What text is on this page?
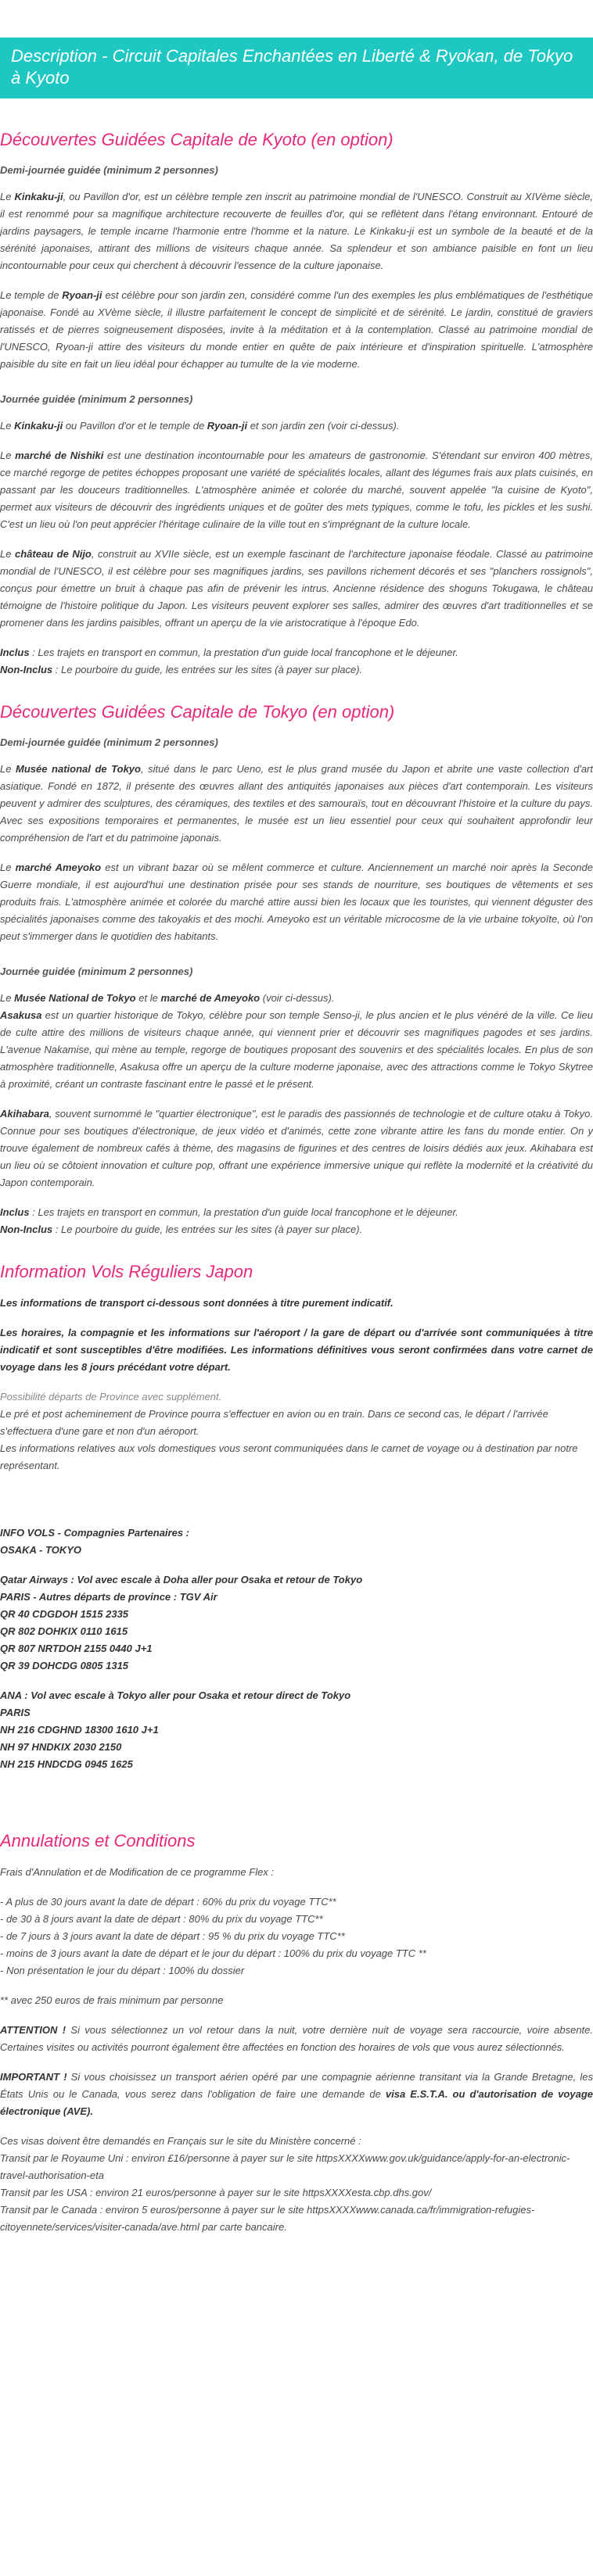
Description - Circuit Capitales Enchantées en Liberté & Ryokan, de Tokyo à Kyoto
Découvertes Guidées Capitale de Kyoto (en option)
Demi-journée guidée (minimum 2 personnes)

Le Kinkaku-ji, ou Pavillon d'or, est un célèbre temple zen inscrit au patrimoine mondial de l'UNESCO. Construit au XIVème siècle, il est renommé pour sa magnifique architecture recouverte de feuilles d'or, qui se reflètent dans l'étang environnant. Entouré de jardins paysagers, le temple incarne l'harmonie entre l'homme et la nature. Le Kinkaku-ji est un symbole de la beauté et de la sérénité japonaises, attirant des millions de visiteurs chaque année. Sa splendeur et son ambiance paisible en font un lieu incontournable pour ceux qui cherchent à découvrir l'essence de la culture japonaise.

Le temple de Ryoan-ji est célèbre pour son jardin zen, considéré comme l'un des exemples les plus emblématiques de l'esthétique japonaise. Fondé au XVème siècle, il illustre parfaitement le concept de simplicité et de sérénité. Le jardin, constitué de graviers ratissés et de pierres soigneusement disposées, invite à la méditation et à la contemplation. Classé au patrimoine mondial de l'UNESCO, Ryoan-ji attire des visiteurs du monde entier en quête de paix intérieure et d'inspiration spirituelle. L'atmosphère paisible du site en fait un lieu idéal pour échapper au tumulte de la vie moderne.

Journée guidée (minimum 2 personnes)

Le Kinkaku-ji ou Pavillon d'or et le temple de Ryoan-ji et son jardin zen (voir ci-dessus).

Le marché de Nishiki est une destination incontournable pour les amateurs de gastronomie. S'étendant sur environ 400 mètres, ce marché regorge de petites échoppes proposant une variété de spécialités locales, allant des légumes frais aux plats cuisinés, en passant par les douceurs traditionnelles. L'atmosphère animée et colorée du marché, souvent appelée "la cuisine de Kyoto", permet aux visiteurs de découvrir des ingrédients uniques et de goûter des mets typiques, comme le tofu, les pickles et les sushi. C'est un lieu où l'on peut apprécier l'héritage culinaire de la ville tout en s'imprégnant de la culture locale.

Le château de Nijo, construit au XVIIe siècle, est un exemple fascinant de l'architecture japonaise féodale. Classé au patrimoine mondial de l'UNESCO, il est célèbre pour ses magnifiques jardins, ses pavillons richement décorés et ses "planchers rossignols", conçus pour émettre un bruit à chaque pas afin de prévenir les intrus. Ancienne résidence des shoguns Tokugawa, le château témoigne de l'histoire politique du Japon. Les visiteurs peuvent explorer ses salles, admirer des œuvres d'art traditionnelles et se promener dans les jardins paisibles, offrant un aperçu de la vie aristocratique à l'époque Edo.

Inclus : Les trajets en transport en commun, la prestation d'un guide local francophone et le déjeuner.
Non-Inclus : Le pourboire du guide, les entrées sur les sites (à payer sur place).

Découvertes Guidées Capitale de Tokyo (en option)
Demi-journée guidée (minimum 2 personnes)

Le Musée national de Tokyo, situé dans le parc Ueno, est le plus grand musée du Japon et abrite une vaste collection d'art asiatique. Fondé en 1872, il présente des œuvres allant des antiquités japonaises aux pièces d'art contemporain. Les visiteurs peuvent y admirer des sculptures, des céramiques, des textiles et des samouraïs, tout en découvrant l'histoire et la culture du pays. Avec ses expositions temporaires et permanentes, le musée est un lieu essentiel pour ceux qui souhaitent approfondir leur compréhension de l'art et du patrimoine japonais.

Le marché Ameyoko est un vibrant bazar où se mêlent commerce et culture. Anciennement un marché noir après la Seconde Guerre mondiale, il est aujourd'hui une destination prisée pour ses stands de nourriture, ses boutiques de vêtements et ses produits frais. L'atmosphère animée et colorée du marché attire aussi bien les locaux que les touristes, qui viennent déguster des spécialités japonaises comme des takoyakis et des mochi. Ameyoko est un véritable microcosme de la vie urbaine tokyoïte, où l'on peut s'immerger dans le quotidien des habitants.

Journée guidée (minimum 2 personnes)

Le Musée National de Tokyo et le marché de Ameyoko (voir ci-dessus).
Asakusa est un quartier historique de Tokyo, célèbre pour son temple Senso-ji, le plus ancien et le plus vénéré de la ville. Ce lieu de culte attire des millions de visiteurs chaque année, qui viennent prier et découvrir ses magnifiques pagodes et ses jardins. L'avenue Nakamise, qui mène au temple, regorge de boutiques proposant des souvenirs et des spécialités locales. En plus de son atmosphère traditionnelle, Asakusa offre un aperçu de la culture moderne japonaise, avec des attractions comme le Tokyo Skytree à proximité, créant un contraste fascinant entre le passé et le présent.

Akihabara, souvent surnommé le "quartier électronique", est le paradis des passionnés de technologie et de culture otaku à Tokyo. Connue pour ses boutiques d'électronique, de jeux vidéo et d'animés, cette zone vibrante attire les fans du monde entier. On y trouve également de nombreux cafés à thème, des magasins de figurines et des centres de loisirs dédiés aux jeux. Akihabara est un lieu où se côtoient innovation et culture pop, offrant une expérience immersive unique qui reflète la modernité et la créativité du Japon contemporain.

Inclus : Les trajets en transport en commun, la prestation d'un guide local francophone et le déjeuner.
Non-Inclus : Le pourboire du guide, les entrées sur les sites (à payer sur place).

Information Vols Réguliers Japon

Les informations de transport ci-dessous sont données à titre purement indicatif.

Les horaires, la compagnie et les informations sur l'aéroport / la gare de départ ou d'arrivée sont communiquées à titre indicatif et sont susceptibles d'être modifiées. Les informations définitives vous seront confirmées dans votre carnet de voyage dans les 8 jours précédant votre départ.

Possibilité départs de Province avec supplément.
Le pré et post acheminement de Province pourra s'effectuer en avion ou en train. Dans ce second cas, le départ / l'arrivée s'effectuera d'une gare et non d'un aéroport.
Les informations relatives aux vols domestiques vous seront communiquées dans le carnet de voyage ou à destination par notre représentant.
INFO VOLS - Compagnies Partenaires :
OSAKA - TOKYO
Qatar Airways : Vol avec escale à Doha aller pour Osaka et retour de Tokyo
PARIS - Autres départs de province : TGV Air
QR 40 CDGDOH 1515 2335
QR 802 DOHKIX 0110 1615
QR 807 NRTDOH 2155 0440 J+1
QR 39 DOHCDG 0805 1315
ANA : Vol avec escale à Tokyo aller pour Osaka et retour direct de Tokyo
PARIS
NH 216 CDGHND 18300 1610 J+1
NH 97 HNDKIX 2030 2150
NH 215 HNDCDG 0945 1625
Annulations et Conditions

Frais d'Annulation et de Modification de ce programme Flex :

- A plus de 30 jours avant la date de départ : 60% du prix du voyage TTC**
- de 30 à 8 jours avant la date de départ : 80% du prix du voyage TTC**
- de 7 jours à 3 jours avant la date de départ : 95 % du prix du voyage TTC**
- moins de 3 jours avant la date de départ et le jour du départ : 100% du prix du voyage TTC **
- Non présentation le jour du départ : 100% du dossier

** avec 250 euros de frais minimum par personne

ATTENTION ! Si vous sélectionnez un vol retour dans la nuit, votre dernière nuit de voyage sera raccourcie, voire absente. Certaines visites ou activités pourront également être affectées en fonction des horaires de vols que vous aurez sélectionnés.

IMPORTANT ! Si vous choisissez un transport aérien opéré par une compagnie aérienne transitant via la Grande Bretagne, les États Unis ou le Canada, vous serez dans l'obligation de faire une demande de visa E.S.T.A. ou d'autorisation de voyage électronique (AVE).

Ces visas doivent être demandés en Français sur le site du Ministère concerné :
Transit par le Royaume Uni : environ £16/personne à payer sur le site httpsXXXXwww.gov.uk/guidance/apply-for-an-electronic-travel-authorisation-eta
Transit par les USA : environ 21 euros/personne à payer sur le site httpsXXXXesta.cbp.dhs.gov/
Transit par le Canada : environ 5 euros/personne à payer sur le site httpsXXXXwww.canada.ca/fr/immigration-refugies-citoyennete/services/visiter-canada/ave.html par carte bancaire.
